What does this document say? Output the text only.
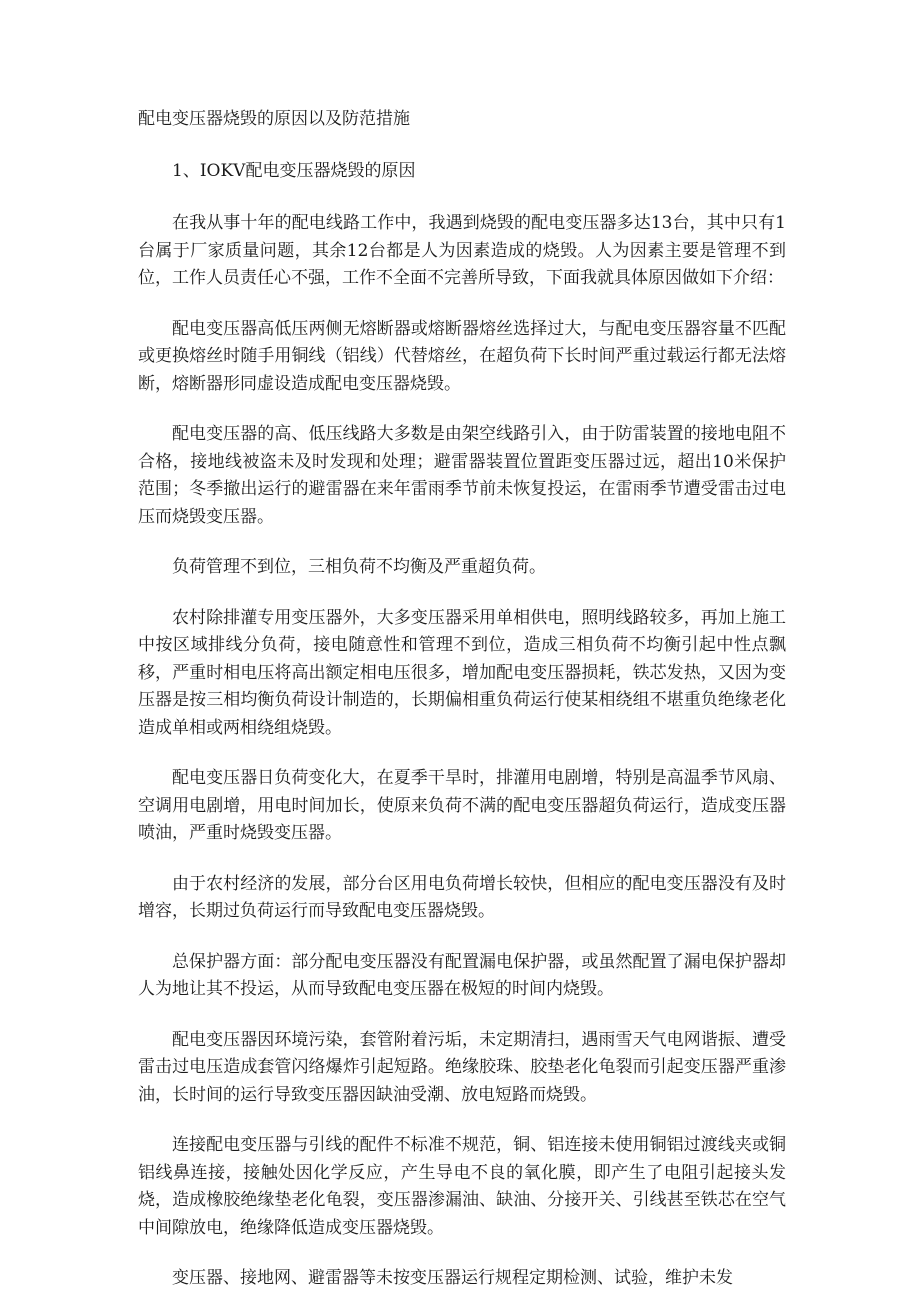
配电变压器烧毁的原因以及防范措施
1、IOKV配电变压器烧毁的原因

在我从事十年的配电线路工作中，我遇到烧毁的配电变压器多达13台，其中只有1台属于厂家质量问题，其余12台都是人为因素造成的烧毁。人为因素主要是管理不到位，工作人员责任心不强，工作不全面不完善所导致，下面我就具体原因做如下介绍：

配电变压器高低压两侧无熔断器或熔断器熔丝选择过大，与配电变压器容量不匹配或更换熔丝时随手用铜线（铝线）代替熔丝，在超负荷下长时间严重过载运行都无法熔断，熔断器形同虚设造成配电变压器烧毁。

配电变压器的高、低压线路大多数是由架空线路引入，由于防雷装置的接地电阻不合格，接地线被盗未及时发现和处理；避雷器装置位置距变压器过远，超出10米保护范围；冬季撤出运行的避雷器在来年雷雨季节前未恢复投运，在雷雨季节遭受雷击过电压而烧毁变压器。

负荷管理不到位，三相负荷不均衡及严重超负荷。

农村除排灌专用变压器外，大多变压器采用单相供电，照明线路较多，再加上施工中按区域排线分负荷，接电随意性和管理不到位，造成三相负荷不均衡引起中性点飘移，严重时相电压将高出额定相电压很多，增加配电变压器损耗，铁芯发热，又因为变压器是按三相均衡负荷设计制造的，长期偏相重负荷运行使某相绕组不堪重负绝缘老化造成单相或两相绕组烧毁。

配电变压器日负荷变化大，在夏季干旱时，排灌用电剧增，特别是高温季节风扇、空调用电剧增，用电时间加长，使原来负荷不满的配电变压器超负荷运行，造成变压器喷油，严重时烧毁变压器。

由于农村经济的发展，部分台区用电负荷增长较快，但相应的配电变压器没有及时增容，长期过负荷运行而导致配电变压器烧毁。

总保护器方面：部分配电变压器没有配置漏电保护器，或虽然配置了漏电保护器却人为地让其不投运，从而导致配电变压器在极短的时间内烧毁。

配电变压器因环境污染，套管附着污垢，未定期清扫，遇雨雪天气电网谐振、遭受雷击过电压造成套管闪络爆炸引起短路。绝缘胶珠、胶垫老化龟裂而引起变压器严重渗油，长时间的运行导致变压器因缺油受潮、放电短路而烧毁。

连接配电变压器与引线的配件不标准不规范，铜、铝连接未使用铜铝过渡线夹或铜铝线鼻连接，接触处因化学反应，产生导电不良的氧化膜，即产生了电阻引起接头发烧，造成橡胶绝缘垫老化龟裂，变压器渗漏油、缺油、分接开关、引线甚至铁芯在空气中间隙放电，绝缘降低造成变压器烧毁。

变压器、接地网、避雷器等未按变压器运行规程定期检测、试验，维护未发
